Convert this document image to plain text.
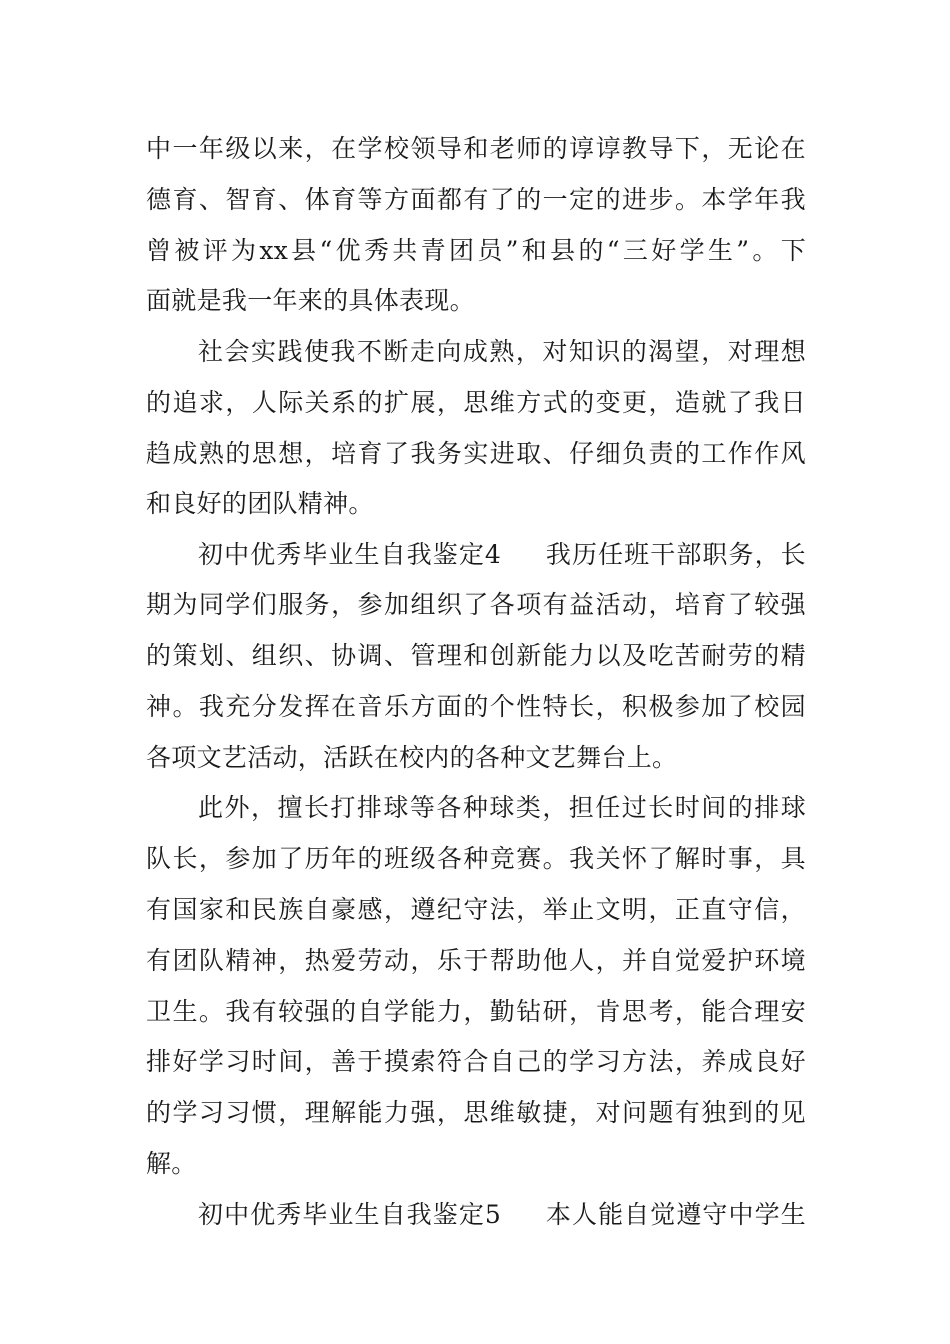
中一年级以来，在学校领导和老师的谆谆教导下，无论在
德育、智育、体育等方面都有了的一定的进步。本学年我
曾被评为xx县“优秀共青团员”和县的“三好学生”。下
面就是我一年来的具体表现。
社会实践使我不断走向成熟，对知识的渴望，对理想
的追求，人际关系的扩展，思维方式的变更，造就了我日
趋成熟的思想，培育了我务实进取、仔细负责的工作作风
和良好的团队精神。
初中优秀毕业生自我鉴定4 我历任班干部职务，长
期为同学们服务，参加组织了各项有益活动，培育了较强
的策划、组织、协调、管理和创新能力以及吃苦耐劳的精
神。我充分发挥在音乐方面的个性特长，积极参加了校园
各项文艺活动，活跃在校内的各种文艺舞台上。
此外，擅长打排球等各种球类，担任过长时间的排球
队长，参加了历年的班级各种竞赛。我关怀了解时事，具
有国家和民族自豪感，遵纪守法，举止文明，正直守信，
有团队精神，热爱劳动，乐于帮助他人，并自觉爱护环境
卫生。我有较强的自学能力，勤钻研，肯思考，能合理安
排好学习时间，善于摸索符合自己的学习方法，养成良好
的学习习惯，理解能力强，思维敏捷，对问题有独到的见
解。
初中优秀毕业生自我鉴定5 本人能自觉遵守中学生
